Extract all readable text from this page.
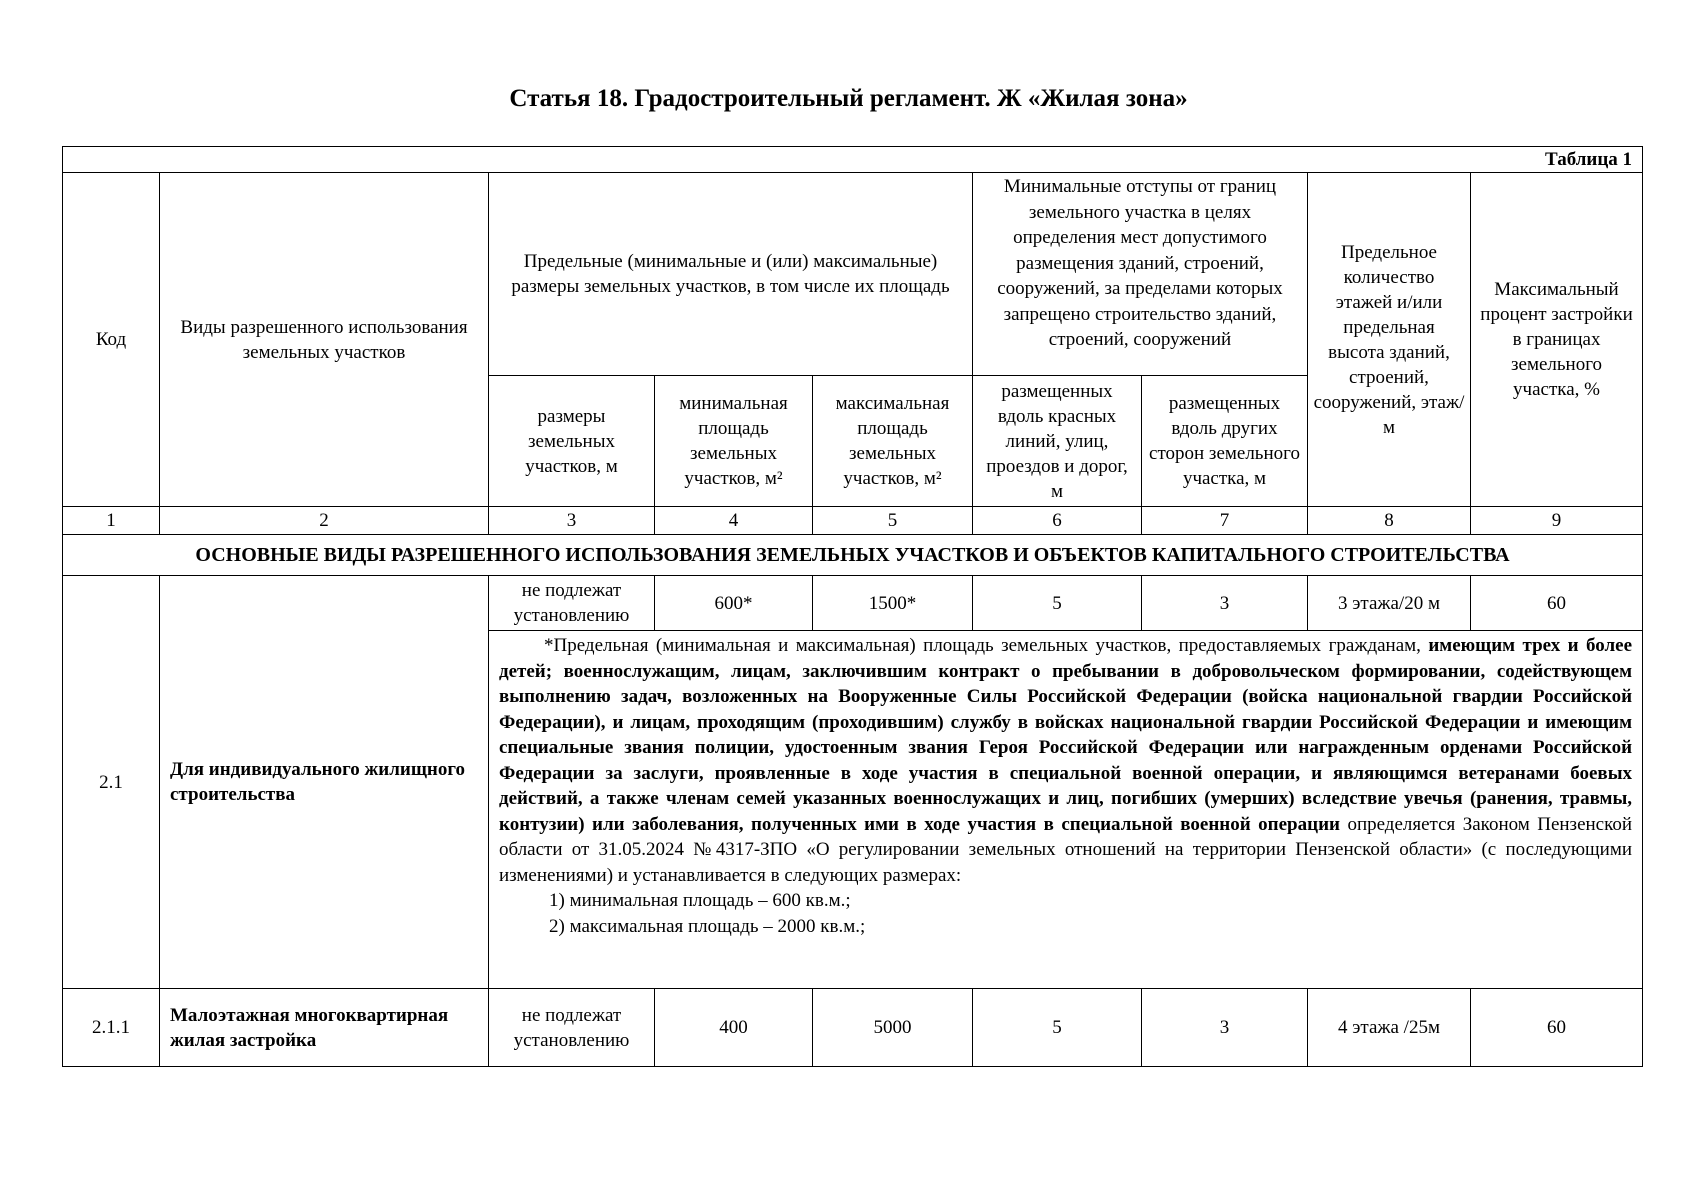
Статья 18. Градостроительный регламент. Ж «Жилая зона»
Таблица 1								
Код	Виды разрешенного использования земельных участков	Предельные (минимальные и (или) максимальные) размеры земельных участков, в том числе их площадь			Минимальные отступы от границ земельного участка в целях определения мест допустимого размещения зданий, строений, сооружений, за пределами которых запрещено строительство зданий, строений, сооружений		Предельное количество этажей и/или предельная высота зданий, строений, сооружений, этаж/м	Максимальный процент застройки в границах земельного участка, %
		размеры земельных участков, м	минимальная площадь земельных участков, м²	максимальная площадь земельных участков, м²	размещенных вдоль красных линий, улиц, проездов и дорог, м	размещенных вдоль других сторон земельного участка, м		
1	2	3	4	5	6	7	8	9
ОСНОВНЫЕ ВИДЫ РАЗРЕШЕННОГО ИСПОЛЬЗОВАНИЯ ЗЕМЕЛЬНЫХ УЧАСТКОВ И ОБЪЕКТОВ КАПИТАЛЬНОГО СТРОИТЕЛЬСТВА								
2.1	Для индивидуального жилищного строительства	не подлежат установлению	600*	1500*	5	3	3 этажа/20 м	60
		*Предельная (минимальная и максимальная) площадь земельных участков, предоставляемых гражданам, имеющим трех и более детей; военнослужащим, лицам, заключившим контракт о пребывании в добровольческом формировании, содействующем выполнению задач, возложенных на Вооруженные Силы Российской Федерации (войска национальной гвардии Российской Федерации), и лицам, проходящим (проходившим) службу в войсках национальной гвардии Российской Федерации и имеющим специальные звания полиции, удостоенным звания Героя Российской Федерации или награжденным орденами Российской Федерации за заслуги, проявленные в ходе участия в специальной военной операции, и являющимся ветеранами боевых действий, а также членам семей указанных военнослужащих и лиц, погибших (умерших) вследствие увечья (ранения, травмы, контузии) или заболевания, полученных ими в ходе участия в специальной военной операции определяется Законом Пензенской области от 31.05.2024 №4317-ЗПО «О регулировании земельных отношений на территории Пензенской области» (с последующими изменениями) и устанавливается в следующих размерах:
1) минимальная площадь – 600 кв.м.;
2) максимальная площадь – 2000 кв.м.;						

2.1.1	Малоэтажная многоквартирная жилая застройка	не подлежат установлению	400	5000	5	3	4 этажа /25м	60
